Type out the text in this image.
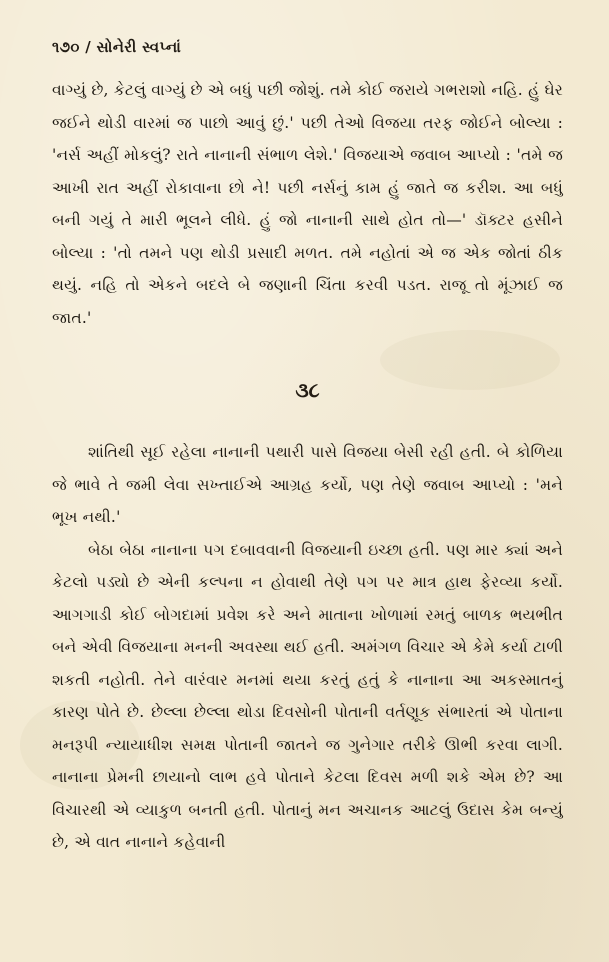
૧૭૦ / સોનેરી સ્વપ્નાં

વાગ્યું છે, કેટલું વાગ્યું છે એ બધું પછી જોશું. તમે કોઈ જરાયે ગભરાશો નહિ. હું ઘેર જઈને થોડી વારમાં જ પાછો આવું છું.' પછી તેઓ વિજયા તરફ જોઈને બોલ્યા : 'નર્સ અહીં મોકલું? રાતે નાનાની સંભાળ લેશે.' વિજયાએ જવાબ આપ્યો : 'તમે જ આખી રાત અહીં રોકાવાના છો ને! પછી નર્સનું કામ હું જાતે જ કરીશ. આ બધું બની ગયું તે મારી ભૂલને લીધે. હું જો નાનાની સાથે હોત તો—' ડૉક્ટર હસીને બોલ્યા : 'તો તમને પણ થોડી પ્રસાદી મળત. તમે નહોતાં એ જ એક જોતાં ઠીક થયું. નહિ તો એકને બદલે બે જણાની ચિંતા કરવી પડત. રાજૂ તો મૂંઝાઈ જ જાત.'

૩૮

શાંતિથી સૂઈ રહેલા નાનાની પથારી પાસે વિજયા બેસી રહી હતી. બે કોળિયા જે ભાવે તે જમી લેવા સખ્તાઈએ આગ્રહ કર્યો, પણ તેણે જવાબ આપ્યો : 'મને ભૂખ નથી.'

બેઠા બેઠા નાનાના પગ દબાવવાની વિજયાની ઇચ્છા હતી. પણ માર ક્યાં અને કેટલો પડ્યો છે એની કલ્પના ન હોવાથી તેણે પગ પર માત્ર હાથ ફેરવ્યા કર્યો. આગગાડી કોઈ બોગદામાં પ્રવેશ કરે અને માતાના ખોળામાં રમતું બાળક ભયભીત બને એવી વિજયાના મનની અવસ્થા થઈ હતી. અમંગળ વિચાર એ કેમે કર્યા ટાળી શકતી નહોતી. તેને વારંવાર મનમાં થયા કરતું હતું કે નાનાના આ અકસ્માતનું કારણ પોતે છે. છેલ્લા છેલ્લા થોડા દિવસોની પોતાની વર્તણૂક સંભારતાં એ પોતાના મનરૂપી ન્યાયાધીશ સમક્ષ પોતાની જાતને જ ગુનેગાર તરીકે ઊભી કરવા લાગી. નાનાના પ્રેમની છાયાનો લાભ હવે પોતાને કેટલા દિવસ મળી શકે એમ છે? આ વિચારથી એ વ્યાકુળ બનતી હતી. પોતાનું મન અચાનક આટલું ઉદાસ કેમ બન્યું છે, એ વાત નાનાને કહેવાની
